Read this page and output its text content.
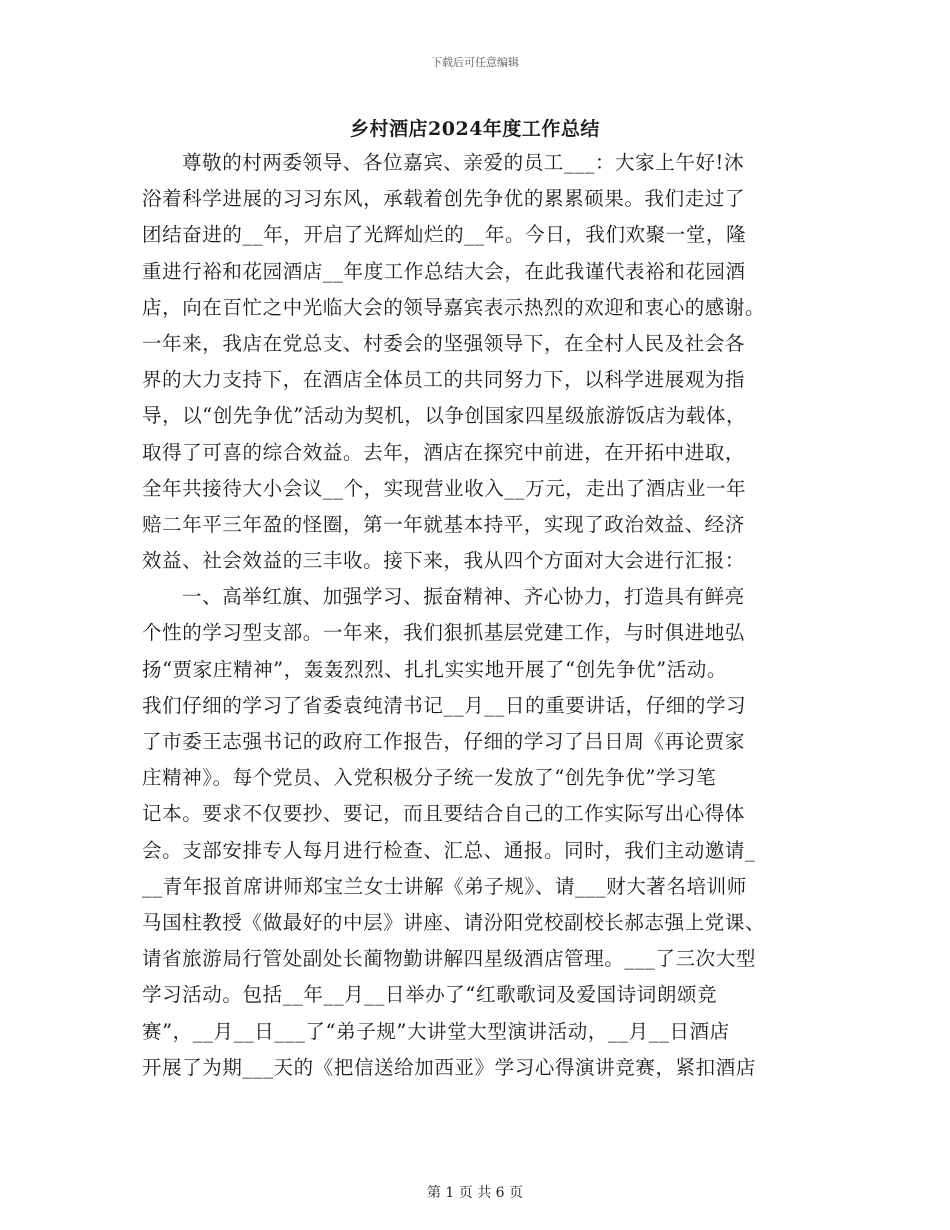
下载后可任意编辑
乡村酒店2024年度工作总结
尊敬的村两委领导、各位嘉宾、亲爱的员工___：大家上午好!沐
浴着科学进展的习习东风，承载着创先争优的累累硕果。我们走过了
团结奋进的__年，开启了光辉灿烂的__年。今日，我们欢聚一堂，隆
重进行裕和花园酒店__年度工作总结大会，在此我谨代表裕和花园酒
店，向在百忙之中光临大会的领导嘉宾表示热烈的欢迎和衷心的感谢。
一年来，我店在党总支、村委会的坚强领导下，在全村人民及社会各
界的大力支持下，在酒店全体员工的共同努力下，以科学进展观为指
导，以“创先争优”活动为契机，以争创国家四星级旅游饭店为载体，
取得了可喜的综合效益。去年，酒店在探究中前进，在开拓中进取，
全年共接待大小会议__个，实现营业收入__万元，走出了酒店业一年
赔二年平三年盈的怪圈，第一年就基本持平，实现了政治效益、经济
效益、社会效益的三丰收。接下来，我从四个方面对大会进行汇报：
一、高举红旗、加强学习、振奋精神、齐心协力，打造具有鲜亮
个性的学习型支部。一年来，我们狠抓基层党建工作，与时俱进地弘
扬“贾家庄精神”，轰轰烈烈、扎扎实实地开展了“创先争优”活动。
我们仔细的学习了省委袁纯清书记__月__日的重要讲话，仔细的学习
了市委王志强书记的政府工作报告，仔细的学习了吕日周《再论贾家
庄精神》。每个党员、入党积极分子统一发放了“创先争优”学习笔
记本。要求不仅要抄、要记，而且要结合自己的工作实际写出心得体
会。支部安排专人每月进行检查、汇总、通报。同时，我们主动邀请_
__青年报首席讲师郑宝兰女士讲解《弟子规》、请___财大著名培训师
马国柱教授《做最好的中层》讲座、请汾阳党校副校长郝志强上党课、
请省旅游局行管处副处长蔺物勤讲解四星级酒店管理。___了三次大型
学习活动。包括__年__月__日举办了“红歌歌词及爱国诗词朗颂竞
赛”，__月__日___了“弟子规”大讲堂大型演讲活动，__月__日酒店
开展了为期___天的《把信送给加西亚》学习心得演讲竞赛，紧扣酒店
第 1 页 共 6 页
